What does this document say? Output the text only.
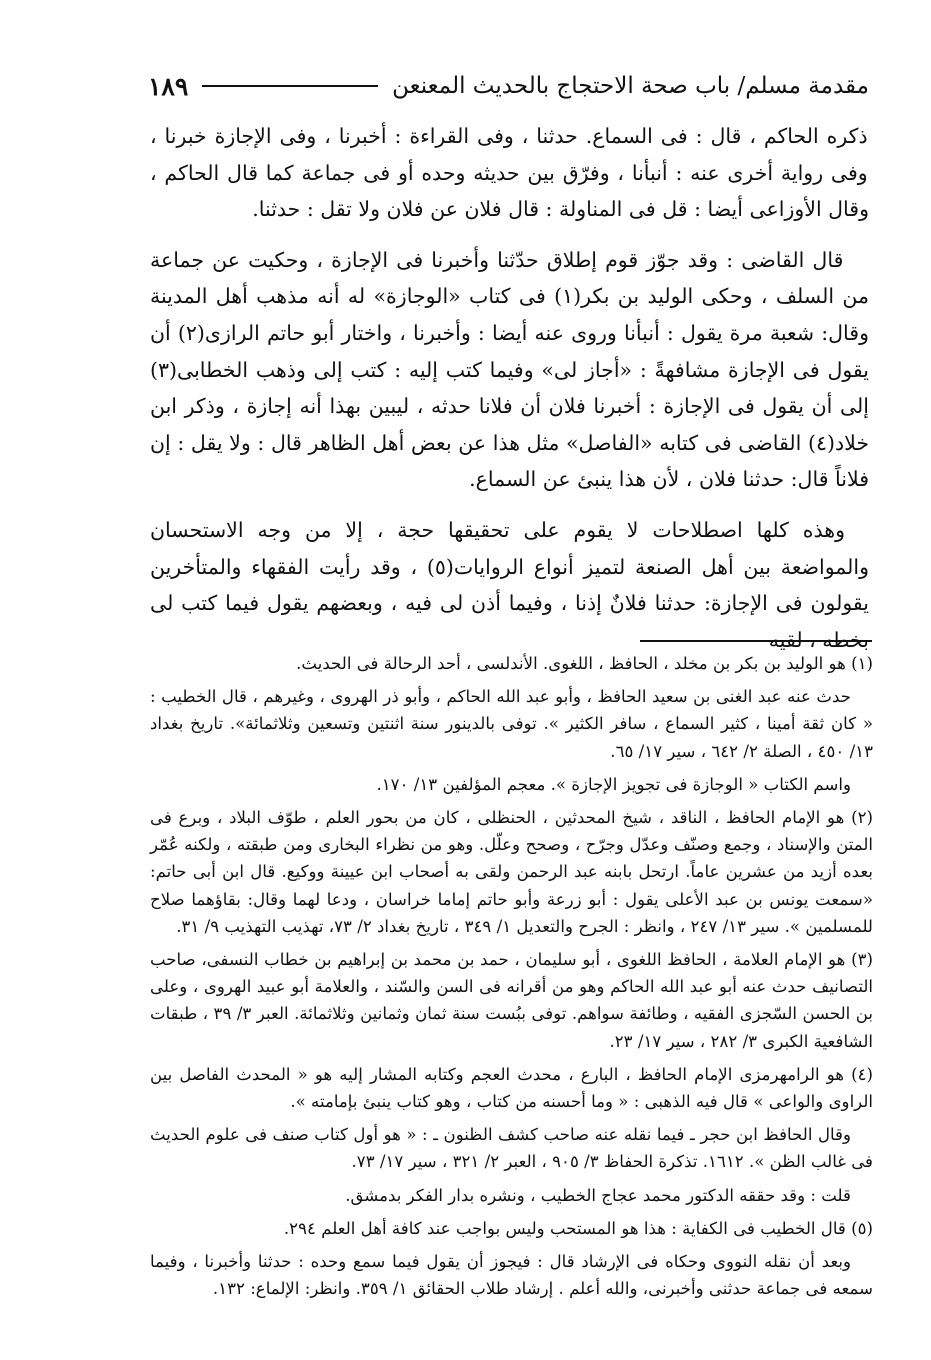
مقدمة مسلم/ باب صحة الاحتجاج بالحديث المعنعن
١٨٩

ذكره الحاكم ، قال : فى السماع. حدثنا ، وفى القراءة : أخبرنا ، وفى الإجازة خبرنا ، وفى رواية أخرى عنه : أنبأنا ، وفرّق بين حديثه وحده أو فى جماعة كما قال الحاكم ، وقال الأوزاعى أيضا : قل فى المناولة : قال فلان عن فلان ولا تقل : حدثنا.

قال القاضى : وقد جوّز قوم إطلاق حدّثنا وأخبرنا فى الإجازة ، وحكيت عن جماعة من السلف ، وحكى الوليد بن بكر(١) فى كتاب «الوجازة» له أنه مذهب أهل المدينة وقال: شعبة مرة يقول : أنبأنا وروى عنه أيضا : وأخبرنا ، واختار أبو حاتم الرازى(٢) أن يقول فى الإجازة مشافهةً : «أجاز لى» وفيما كتب إليه : كتب إلى وذهب الخطابى(٣) إلى أن يقول فى الإجازة : أخبرنا فلان أن فلانا حدثه ، ليبين بهذا أنه إجازة ، وذكر ابن خلاد(٤) القاضى فى كتابه «الفاصل» مثل هذا عن بعض أهل الظاهر قال : ولا يقل : إن فلاناً قال: حدثنا فلان ، لأن هذا ينبئ عن السماع.

وهذه كلها اصطلاحات لا يقوم على تحقيقها حجة ، إلا من وجه الاستحسان والمواضعة بين أهل الصنعة لتميز أنواع الروايات(٥) ، وقد رأيت الفقهاء والمتأخرين يقولون فى الإجازة: حدثنا فلانٌ إذنا ، وفيما أذن لى فيه ، وبعضهم يقول فيما كتب لى بخطه ، لقيه

(١) هو الوليد بن بكر بن مخلد ، الحافظ ، اللغوى. الأندلسى ، أحد الرحالة فى الحديث.

حدث عنه عبد الغنى بن سعيد الحافظ ، وأبو عبد الله الحاكم ، وأبو ذر الهروى ، وغيرهم ، قال الخطيب : « كان ثقة أمينا ، كثير السماع ، سافر الكثير ». توفى بالدينور سنة اثنتين وتسعين وثلاثمائة». تاريخ بغداد ١٣/ ٤٥٠ ، الصلة ٢/ ٦٤٢ ، سير ١٧/ ٦٥.

واسم الكتاب « الوجازة فى تجويز الإجازة ». معجم المؤلفين ١٣/ ١٧٠.

(٢) هو الإمام الحافظ ، الناقد ، شيخ المحدثين ، الحنظلى ، كان من بحور العلم ، طوّف البلاد ، وبرع فى المتن والإسناد ، وجمع وصنّف وعدّل وجرّح ، وصحح وعلّل. وهو من نظراء البخارى ومن طبقته ، ولكنه عُمّر بعده أزيد من عشرين عاماً. ارتحل بابنه عبد الرحمن ولقى به أصحاب ابن عيينة ووكيع. قال ابن أبى حاتم: «سمعت يونس بن عبد الأعلى يقول : أبو زرعة وأبو حاتم إماما خراسان ، ودعا لهما وقال: بقاؤهما صلاح للمسلمين ». سير ١٣/ ٢٤٧ ، وانظر : الجرح والتعديل ١/ ٣٤٩ ، تاريخ بغداد ٢/ ٧٣، تهذيب التهذيب ٩/ ٣١.

(٣) هو الإمام العلامة ، الحافظ اللغوى ، أبو سليمان ، حمد بن محمد بن إبراهيم بن خطاب النسفى، صاحب التصانيف حدث عنه أبو عبد الله الحاكم وهو من أقرانه فى السن والسّند ، والعلامة أبو عبيد الهروى ، وعلى بن الحسن السّجزى الفقيه ، وطائفة سواهم. توفى ببُست سنة ثمان وثمانين وثلاثمائة. العبر ٣/ ٣٩ ، طبقات الشافعية الكبرى ٣/ ٢٨٢ ، سير ١٧/ ٢٣.

(٤) هو الرامهرمزى الإمام الحافظ ، البارع ، محدث العجم وكتابه المشار إليه هو « المحدث الفاصل بين الراوى والواعى » قال فيه الذهبى : « وما أحسنه من كتاب ، وهو كتاب ينبئ بإمامته ».

وقال الحافظ ابن حجر ـ فيما نقله عنه صاحب كشف الظنون ـ : « هو أول كتاب صنف فى علوم الحديث فى غالب الظن ». ١٦١٢. تذكرة الحفاظ ٣/ ٩٠٥ ، العبر ٢/ ٣٢١ ، سير ١٧/ ٧٣.

قلت : وقد حققه الدكتور محمد عجاج الخطيب ، ونشره بدار الفكر بدمشق.

(٥) قال الخطيب فى الكفاية : هذا هو المستحب وليس بواجب عند كافة أهل العلم ٢٩٤.

وبعد أن نقله النووى وحكاه فى الإرشاد قال : فيجوز أن يقول فيما سمع وحده : حدثنا وأخبرنا ، وفيما سمعه فى جماعة حدثنى وأخبرنى، والله أعلم . إرشاد طلاب الحقائق ١/ ٣٥٩. وانظر: الإلماع: ١٣٢.
